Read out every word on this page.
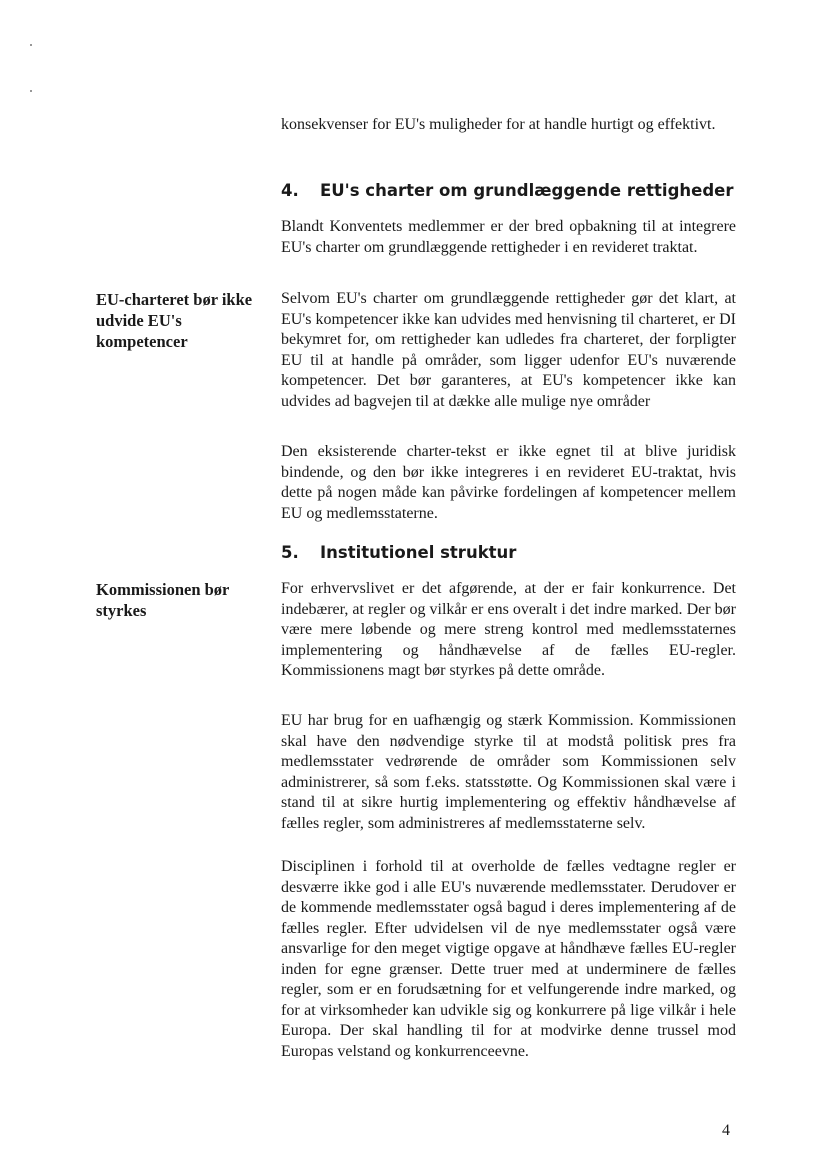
konsekvenser for EU's muligheder for at handle hurtigt og effektivt.

4. EU's charter om grundlæggende rettigheder

Blandt Konventets medlemmer er der bred opbakning til at integrere EU's charter om grundlæggende rettigheder i en revideret traktat.

EU-charteret bør ikke udvide EU's kompetencer

Selvom EU's charter om grundlæggende rettigheder gør det klart, at EU's kompetencer ikke kan udvides med henvisning til charteret, er DI bekymret for, om rettigheder kan udledes fra charteret, der forpligter EU til at handle på områder, som ligger udenfor EU's nuværende kompetencer. Det bør garanteres, at EU's kompetencer ikke kan udvides ad bagvejen til at dække alle mulige nye områder

Den eksisterende charter-tekst er ikke egnet til at blive juridisk bindende, og den bør ikke integreres i en revideret EU-traktat, hvis dette på nogen måde kan påvirke fordelingen af kompetencer mellem EU og medlemsstaterne.

5. Institutionel struktur

Kommissionen bør styrkes

For erhvervslivet er det afgørende, at der er fair konkurrence. Det indebærer, at regler og vilkår er ens overalt i det indre marked. Der bør være mere løbende og mere streng kontrol med medlemsstaternes implementering og håndhævelse af de fælles EU-regler. Kommissionens magt bør styrkes på dette område.

EU har brug for en uafhængig og stærk Kommission. Kommissionen skal have den nødvendige styrke til at modstå politisk pres fra medlemsstater vedrørende de områder som Kommissionen selv administrerer, så som f.eks. statsstøtte. Og Kommissionen skal være i stand til at sikre hurtig implementering og effektiv håndhævelse af fælles regler, som administreres af medlemsstaterne selv.

Disciplinen i forhold til at overholde de fælles vedtagne regler er desværre ikke god i alle EU's nuværende medlemsstater. Derudover er de kommende medlemsstater også bagud i deres implementering af de fælles regler. Efter udvidelsen vil de nye medlemsstater også være ansvarlige for den meget vigtige opgave at håndhæve fælles EU-regler inden for egne grænser. Dette truer med at underminere de fælles regler, som er en forudsætning for et velfungerende indre marked, og for at virksomheder kan udvikle sig og konkurrere på lige vilkår i hele Europa. Der skal handling til for at modvirke denne trussel mod Europas velstand og konkurrenceevne.

4
